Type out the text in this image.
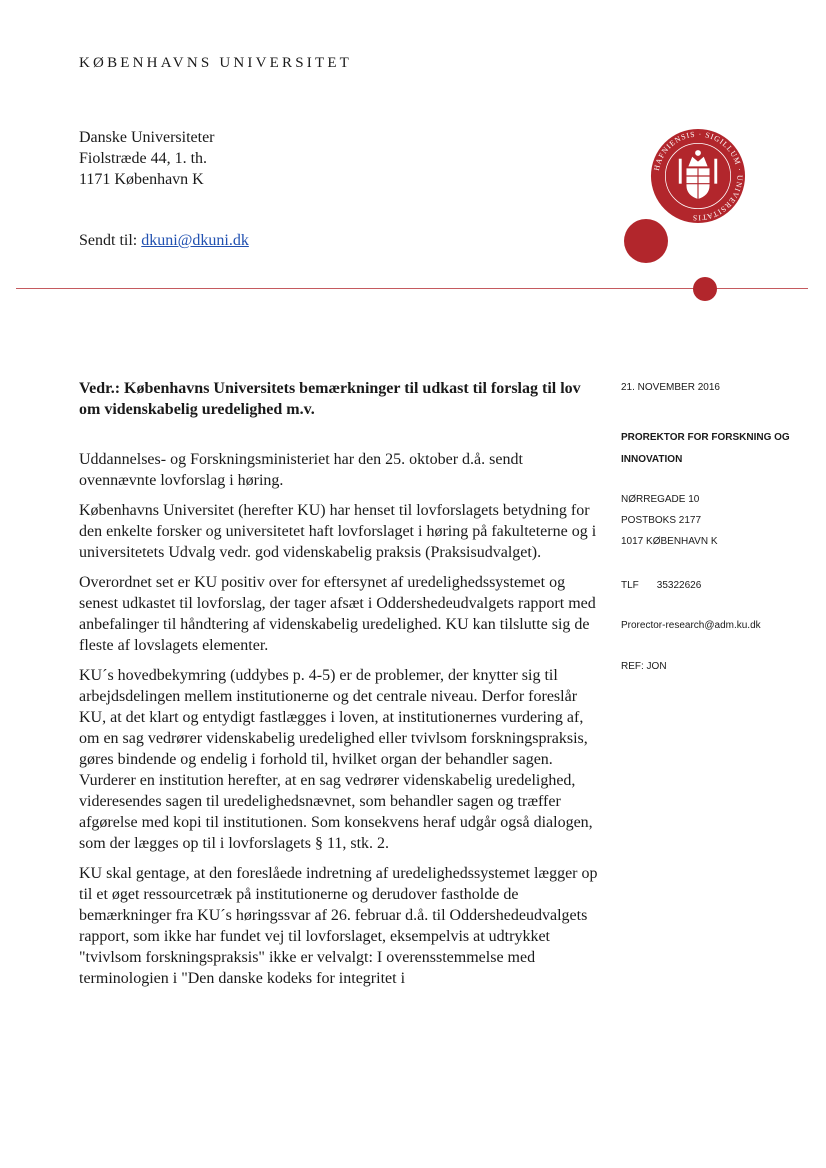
KØBENHAVNS UNIVERSITET
Danske Universiteter
Fiolstræde 44, 1. th.
1171 København K
Sendt til: dkuni@dkuni.dk
HAFNIENSIS · SIGILLUM · UNIVERSITATIS
Vedr.: Københavns Universitets bemærkninger til udkast til forslag til lov om videnskabelig uredelighed m.v.

Uddannelses- og Forskningsministeriet har den 25. oktober d.å. sendt ovennævnte lovforslag i høring.

Københavns Universitet (herefter KU) har henset til lovforslagets betydning for den enkelte forsker og universitetet haft lovforslaget i høring på fakulteterne og i universitetets Udvalg vedr. god videnskabelig praksis (Praksisudvalget).

Overordnet set er KU positiv over for eftersynet af uredelighedssystemet og senest udkastet til lovforslag, der tager afsæt i Oddershedeudvalgets rapport med anbefalinger til håndtering af videnskabelig uredelighed. KU kan tilslutte sig de fleste af lovslagets elementer.

KU´s hovedbekymring (uddybes p. 4-5) er de problemer, der knytter sig til arbejdsdelingen mellem institutionerne og det centrale niveau. Derfor foreslår KU, at det klart og entydigt fastlægges i loven, at institutionernes vurdering af, om en sag vedrører videnskabelig uredelighed eller tvivlsom forskningspraksis, gøres bindende og endelig i forhold til, hvilket organ der behandler sagen. Vurderer en institution herefter, at en sag vedrører videnskabelig uredelighed, videresendes sagen til uredelighedsnævnet, som behandler sagen og træffer afgørelse med kopi til institutionen. Som konsekvens heraf udgår også dialogen, som der lægges op til i lovforslagets § 11, stk. 2.

KU skal gentage, at den foreslåede indretning af uredelighedssystemet lægger op til et øget ressourcetræk på institutionerne og derudover fastholde de bemærkninger fra KU´s høringssvar af 26. februar d.å. til Oddershedeudvalgets rapport, som ikke har fundet vej til lovforslaget, eksempelvis at udtrykket "tvivlsom forskningspraksis" ikke er velvalgt: I overensstemmelse med terminologien i "Den danske kodeks for integritet i

21. NOVEMBER 2016
PROREKTOR FOR FORSKNING OG
INNOVATION
NØRREGADE 10
POSTBOKS 2177
1017 KØBENHAVN K
TLF 35322626
Prorector-research@adm.ku.dk
REF: JON
